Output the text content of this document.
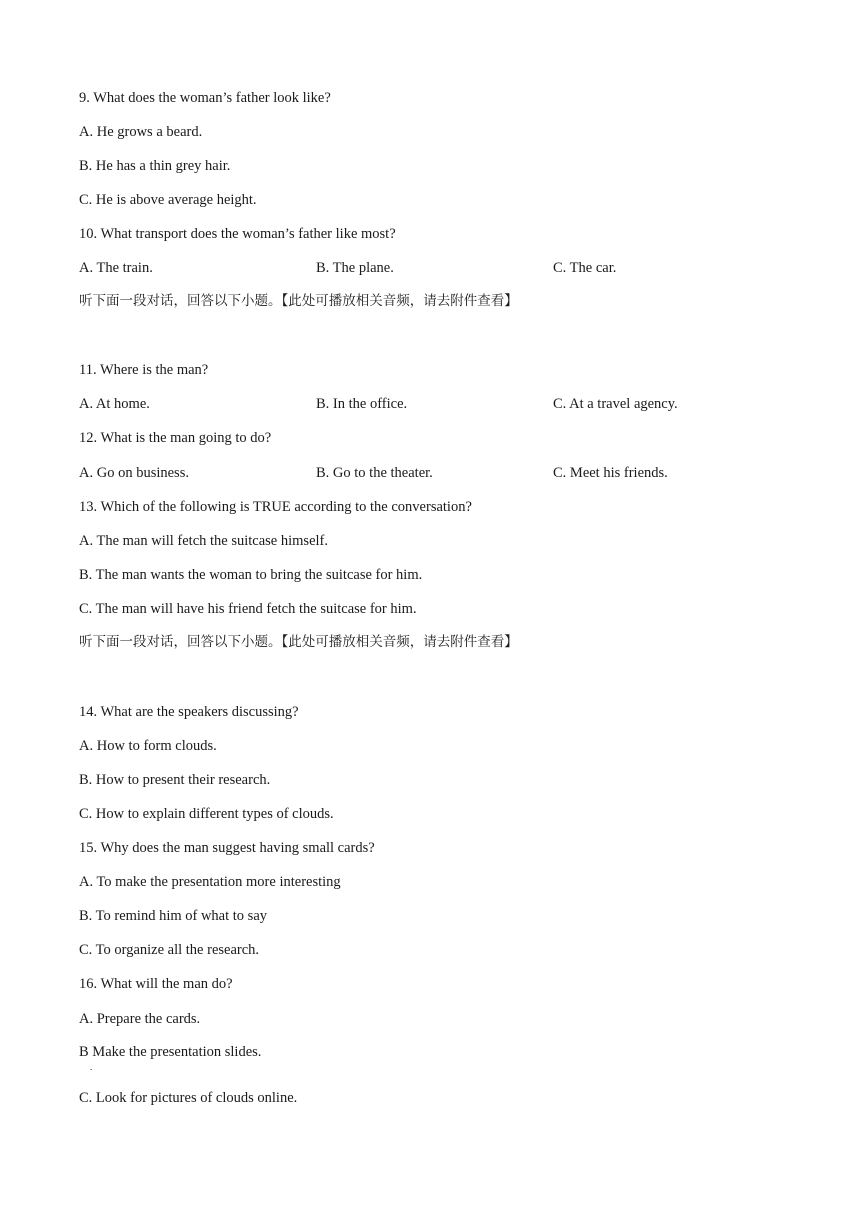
9. What does the woman’s father look like?
A. He grows a beard.
B. He has a thin grey hair.
C. He is above average height.
10. What transport does the woman’s father like most?
A. The train.	B. The plane.	C. The car.
听下面一段对话，回答以下小题。【此处可播放相关音频，请去附件查看】
11. Where is the man?
A. At home.	B. In the office.	C. At a travel agency.
12. What is the man going to do?
A. Go on business.	B. Go to the theater.	C. Meet his friends.
13. Which of the following is TRUE according to the conversation?
A. The man will fetch the suitcase himself.
B. The man wants the woman to bring the suitcase for him.
C. The man will have his friend fetch the suitcase for him.
听下面一段对话，回答以下小题。【此处可播放相关音频，请去附件查看】
14. What are the speakers discussing?
A. How to form clouds.
B. How to present their research.
C. How to explain different types of clouds.
15. Why does the man suggest having small cards?
A. To make the presentation more interesting
B. To remind him of what to say
C. To organize all the research.
16. What will the man do?
A. Prepare the cards.
B Make the presentation slides.
.
C. Look for pictures of clouds online.
